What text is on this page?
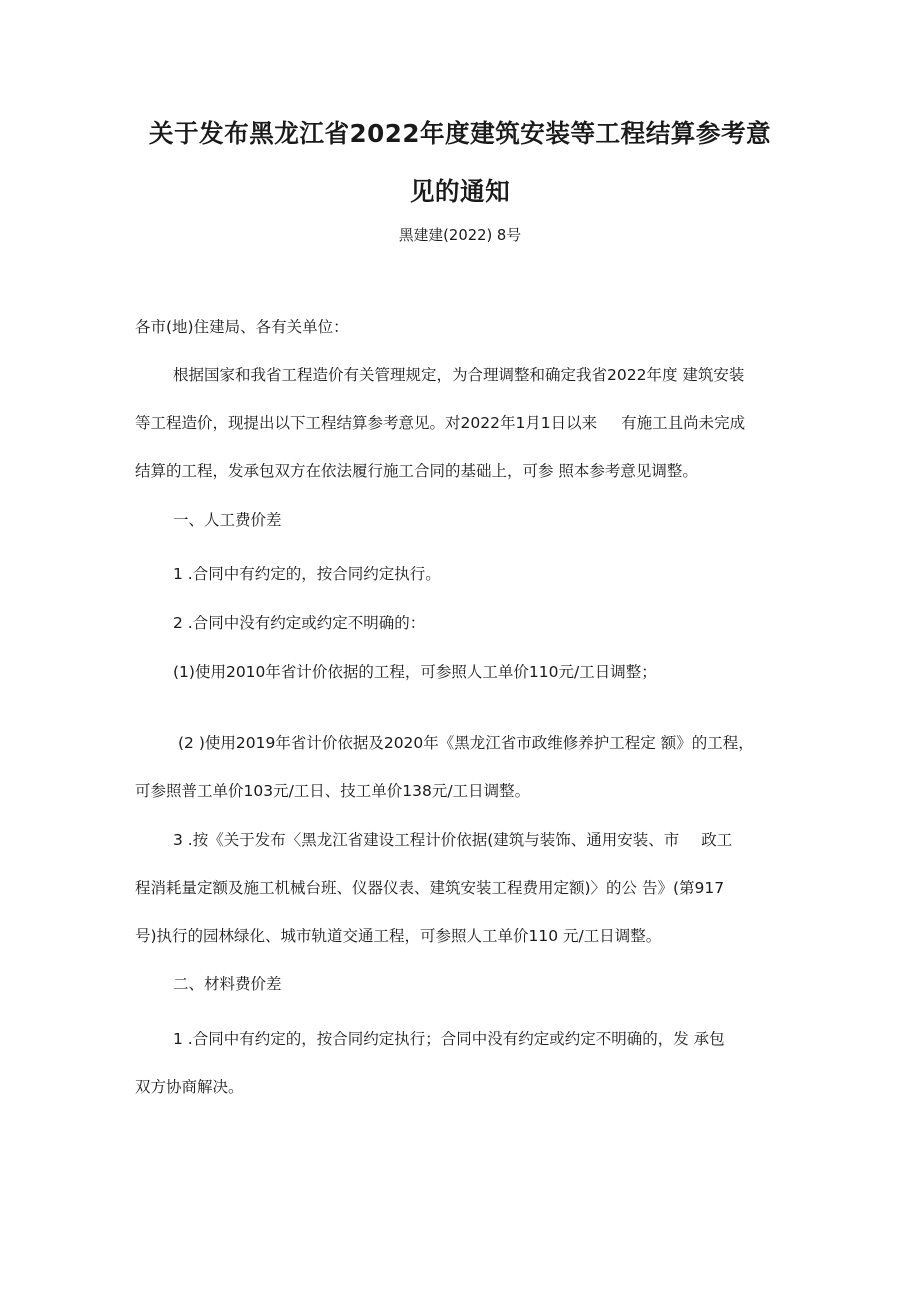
关于发布黑龙江省2022年度建筑安装等工程结算参考意
见的通知
黑建建(2022) 8号
各市(地)住建局、各有关单位：
根据国家和我省工程造价有关管理规定，为合理调整和确定我省2022年度 建筑安装
等工程造价，现提出以下工程结算参考意见。对2022年1月1日以来 有施工且尚未完成
结算的工程，发承包双方在依法履行施工合同的基础上，可参 照本参考意见调整。
一、人工费价差
1 .合同中有约定的，按合同约定执行。
2 .合同中没有约定或约定不明确的：
(1)使用2010年省计价依据的工程，可参照人工单价110元/工日调整；
(2 )使用2019年省计价依据及2020年《黑龙江省市政维修养护工程定 额》的工程，
可参照普工单价103元/工日、技工单价138元/工日调整。
3 .按《关于发布〈黑龙江省建设工程计价依据(建筑与装饰、通用安装、市 政工
程消耗量定额及施工机械台班、仪器仪表、建筑安装工程费用定额)〉的公 告》(第917
号)执行的园林绿化、城市轨道交通工程，可参照人工单价110 元/工日调整。
二、材料费价差
1 .合同中有约定的，按合同约定执行；合同中没有约定或约定不明确的，发 承包
双方协商解决。
